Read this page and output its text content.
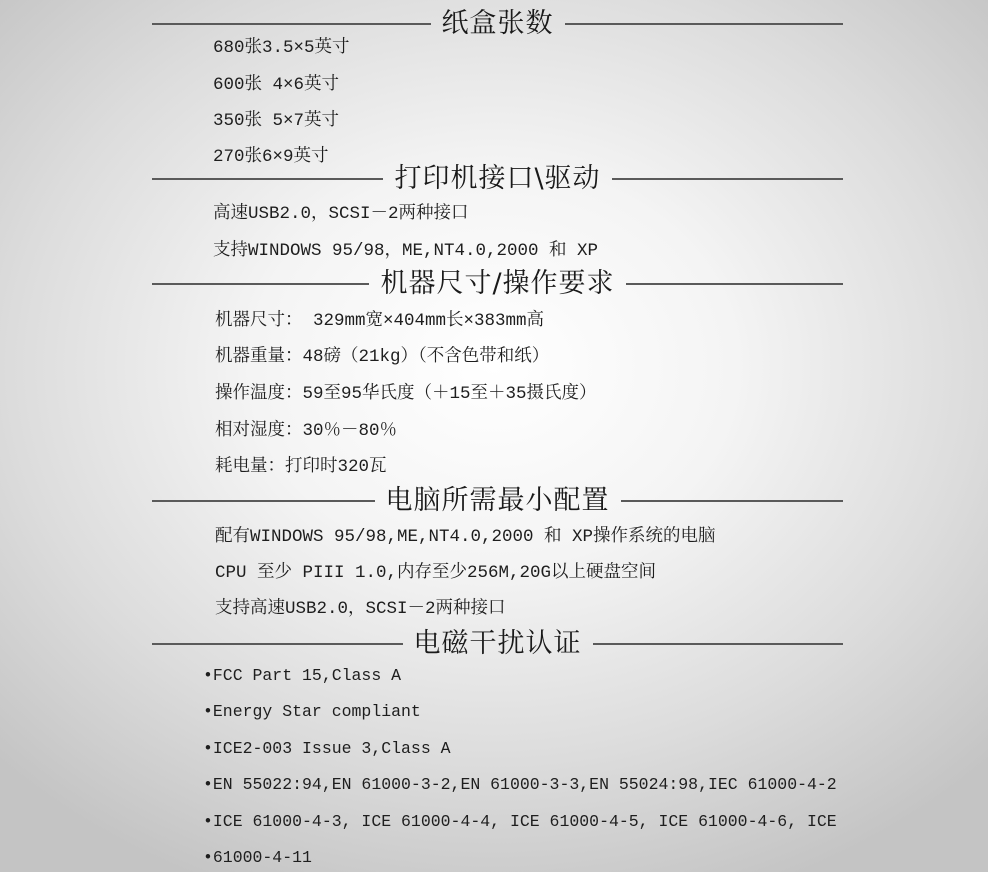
纸盒张数
680张3.5×5英寸
600张 4×6英寸
350张 5×7英寸
270张6×9英寸
打印机接口\驱动
高速USB2.0，SCSI－2两种接口
支持WINDOWS 95/98，ME,NT4.0,2000 和 XP
机器尺寸/操作要求
机器尺寸： 329mm宽×404mm长×383mm高
机器重量：48磅（21kg）（不含色带和纸）
操作温度：59至95华氏度（＋15至＋35摄氏度）
相对湿度：30％－80％
耗电量：打印时320瓦
电脑所需最小配置
配有WINDOWS 95/98,ME,NT4.0,2000 和 XP操作系统的电脑
CPU 至少 PIII 1.0,内存至少256M,20G以上硬盘空间
支持高速USB2.0，SCSI－2两种接口
电磁干扰认证
•FCC Part 15,Class A
•Energy Star compliant
•ICE2-003 Issue 3,Class A
•EN 55022:94,EN 61000-3-2,EN 61000-3-3,EN 55024:98,IEC 61000-4-2
•ICE 61000-4-3, ICE 61000-4-4, ICE 61000-4-5, ICE 61000-4-6, ICE
•61000-4-11
